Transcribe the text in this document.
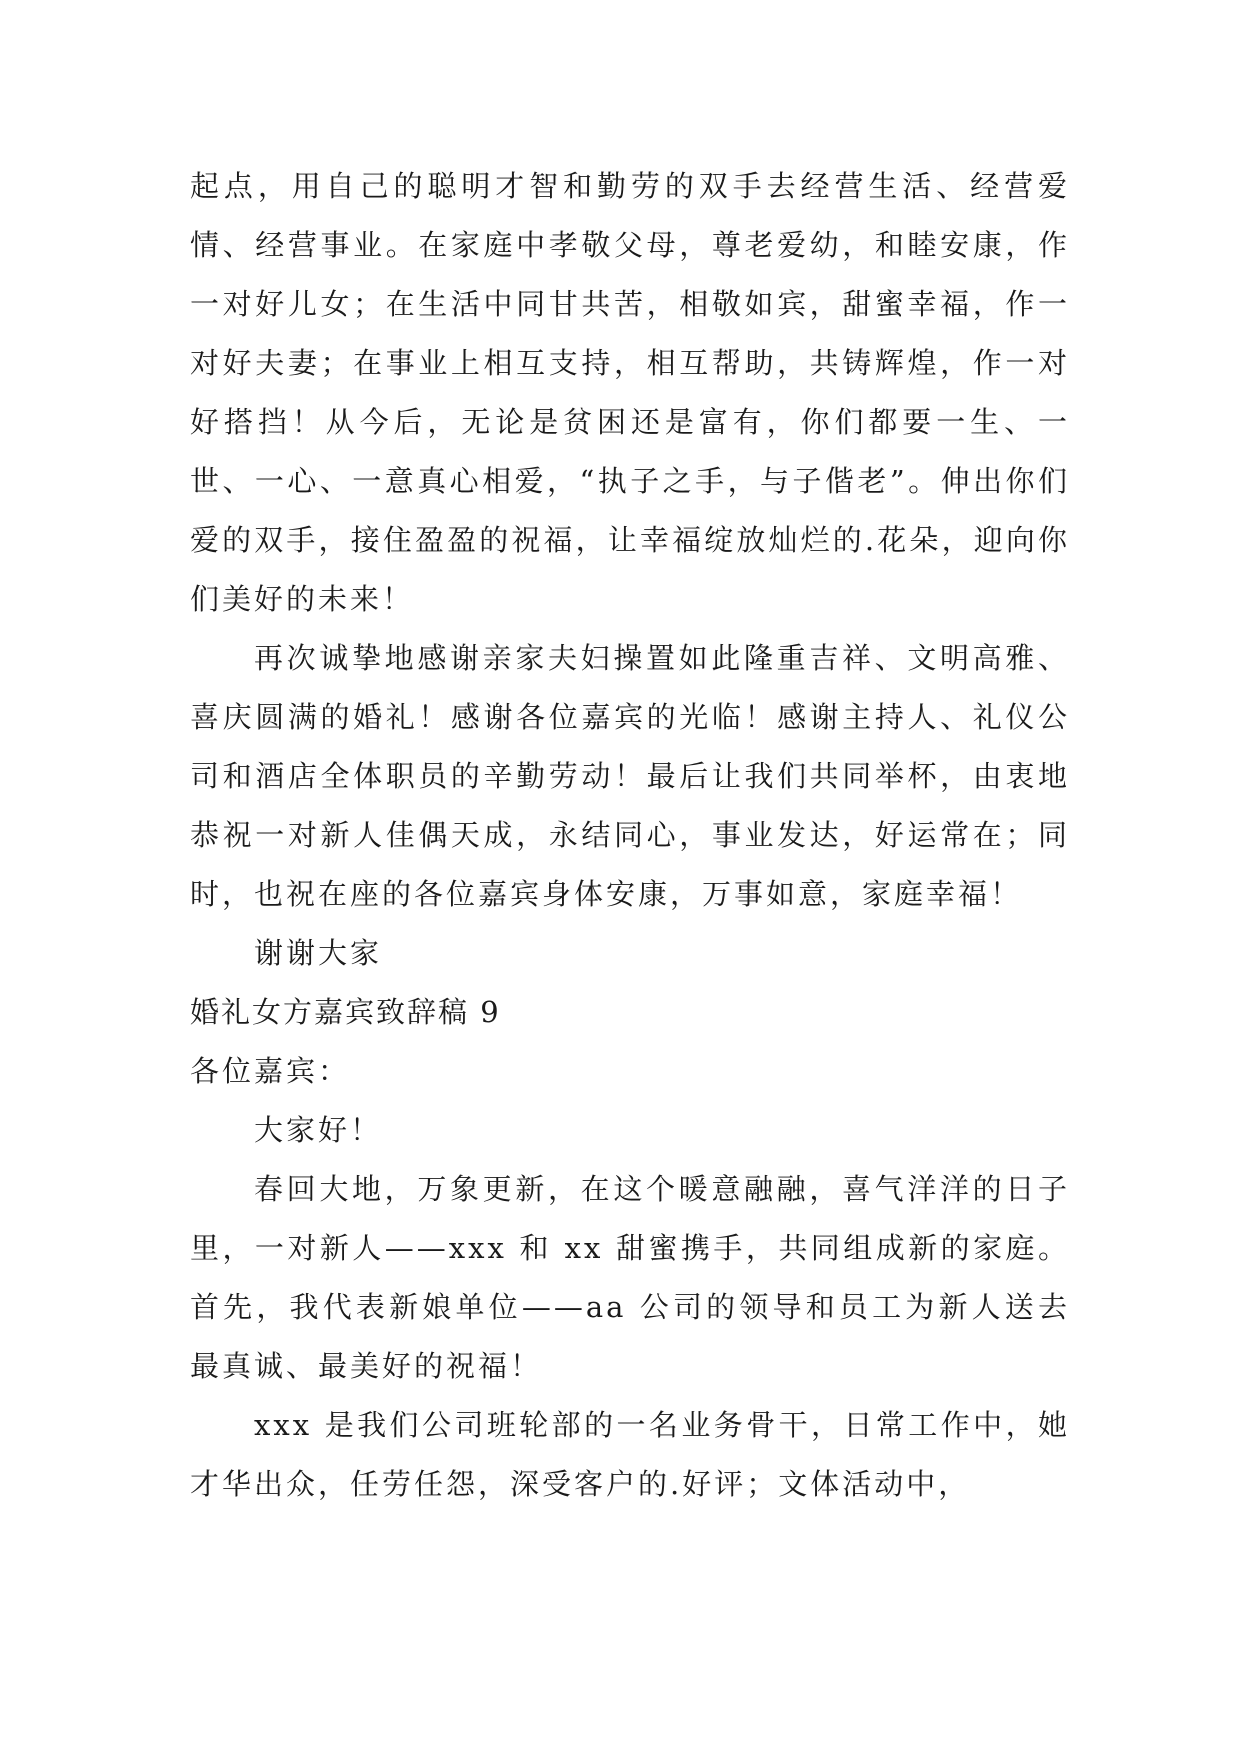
起点，用自己的聪明才智和勤劳的双手去经营生活、经营爱情、经营事业。在家庭中孝敬父母，尊老爱幼，和睦安康，作一对好儿女；在生活中同甘共苦，相敬如宾，甜蜜幸福，作一对好夫妻；在事业上相互支持，相互帮助，共铸辉煌，作一对好搭挡！从今后，无论是贫困还是富有，你们都要一生、一世、一心、一意真心相爱，“执子之手，与子偕老”。伸出你们爱的双手，接住盈盈的祝福，让幸福绽放灿烂的.花朵，迎向你们美好的未来！

再次诚挚地感谢亲家夫妇操置如此隆重吉祥、文明高雅、喜庆圆满的婚礼！感谢各位嘉宾的光临！感谢主持人、礼仪公司和酒店全体职员的辛勤劳动！最后让我们共同举杯，由衷地恭祝一对新人佳偶天成，永结同心，事业发达，好运常在；同时，也祝在座的各位嘉宾身体安康，万事如意，家庭幸福！

谢谢大家

婚礼女方嘉宾致辞稿 9

各位嘉宾：

大家好！

春回大地，万象更新，在这个暖意融融，喜气洋洋的日子里，一对新人——xxx 和 xx 甜蜜携手，共同组成新的家庭。首先，我代表新娘单位——aa 公司的领导和员工为新人送去最真诚、最美好的祝福！

xxx 是我们公司班轮部的一名业务骨干，日常工作中，她才华出众，任劳任怨，深受客户的.好评；文体活动中，
